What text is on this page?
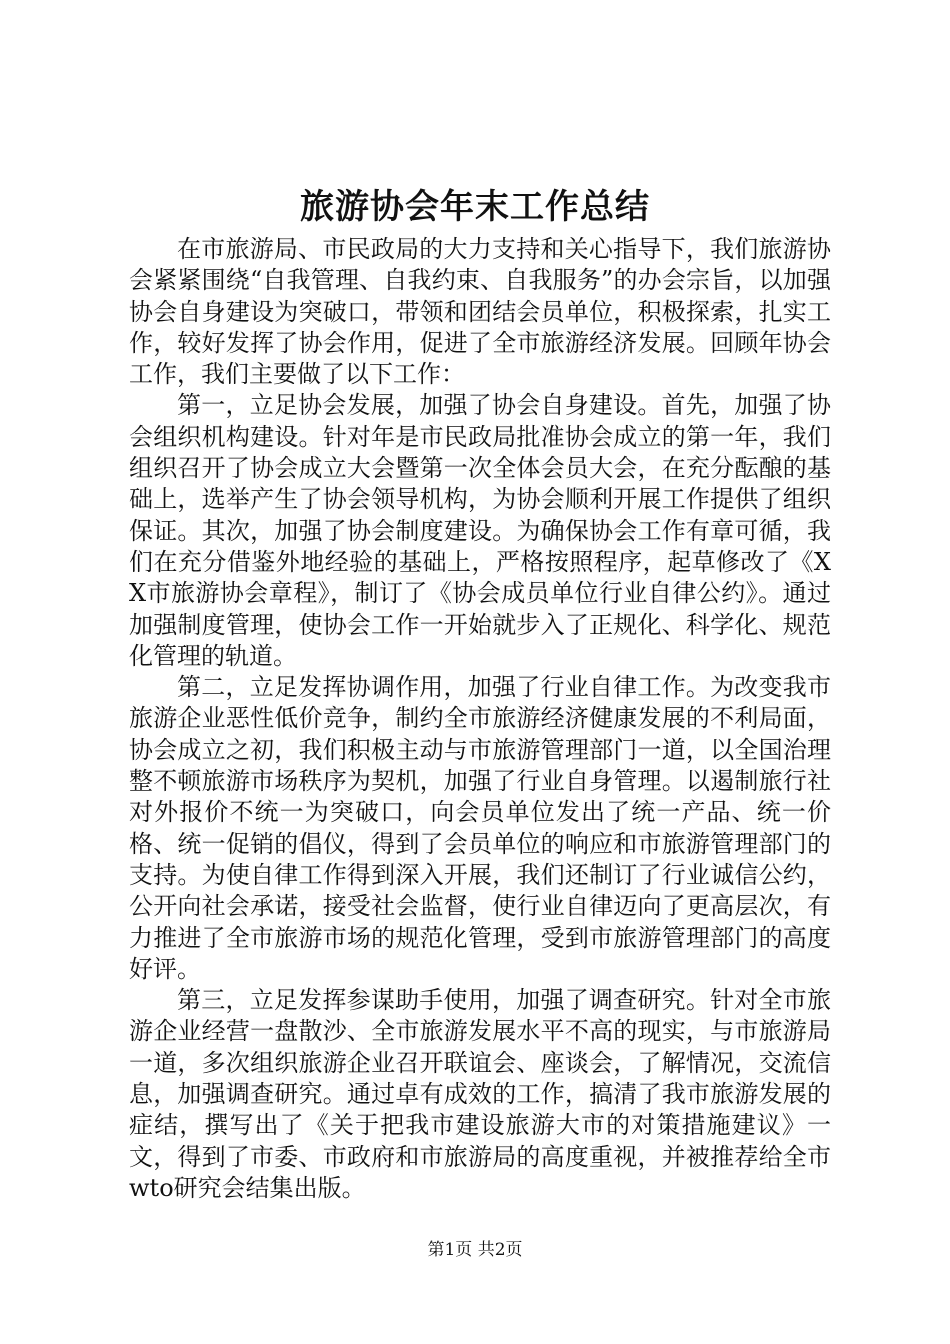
旅游协会年末工作总结

在市旅游局、市民政局的大力支持和关心指导下，我们旅游协会紧紧围绕“自我管理、自我约束、自我服务”的办会宗旨，以加强协会自身建设为突破口，带领和团结会员单位，积极探索，扎实工作，较好发挥了协会作用，促进了全市旅游经济发展。回顾年协会工作，我们主要做了以下工作：

第一，立足协会发展，加强了协会自身建设。首先，加强了协会组织机构建设。针对年是市民政局批准协会成立的第一年，我们组织召开了协会成立大会暨第一次全体会员大会，在充分酝酿的基础上，选举产生了协会领导机构，为协会顺利开展工作提供了组织保证。其次，加强了协会制度建设。为确保协会工作有章可循，我们在充分借鉴外地经验的基础上，严格按照程序，起草修改了《XX市旅游协会章程》，制订了《协会成员单位行业自律公约》。通过加强制度管理，使协会工作一开始就步入了正规化、科学化、规范化管理的轨道。

第二，立足发挥协调作用，加强了行业自律工作。为改变我市旅游企业恶性低价竞争，制约全市旅游经济健康发展的不利局面，协会成立之初，我们积极主动与市旅游管理部门一道，以全国治理整不顿旅游市场秩序为契机，加强了行业自身管理。以遏制旅行社对外报价不统一为突破口，向会员单位发出了统一产品、统一价格、统一促销的倡仪，得到了会员单位的响应和市旅游管理部门的支持。为使自律工作得到深入开展，我们还制订了行业诚信公约，公开向社会承诺，接受社会监督，使行业自律迈向了更高层次，有力推进了全市旅游市场的规范化管理，受到市旅游管理部门的高度好评。

第三，立足发挥参谋助手使用，加强了调查研究。针对全市旅游企业经营一盘散沙、全市旅游发展水平不高的现实，与市旅游局一道，多次组织旅游企业召开联谊会、座谈会，了解情况，交流信息，加强调查研究。通过卓有成效的工作，搞清了我市旅游发展的症结，撰写出了《关于把我市建设旅游大市的对策措施建议》一文，得到了市委、市政府和市旅游局的高度重视，并被推荐给全市wto研究会结集出版。

第1页 共2页
